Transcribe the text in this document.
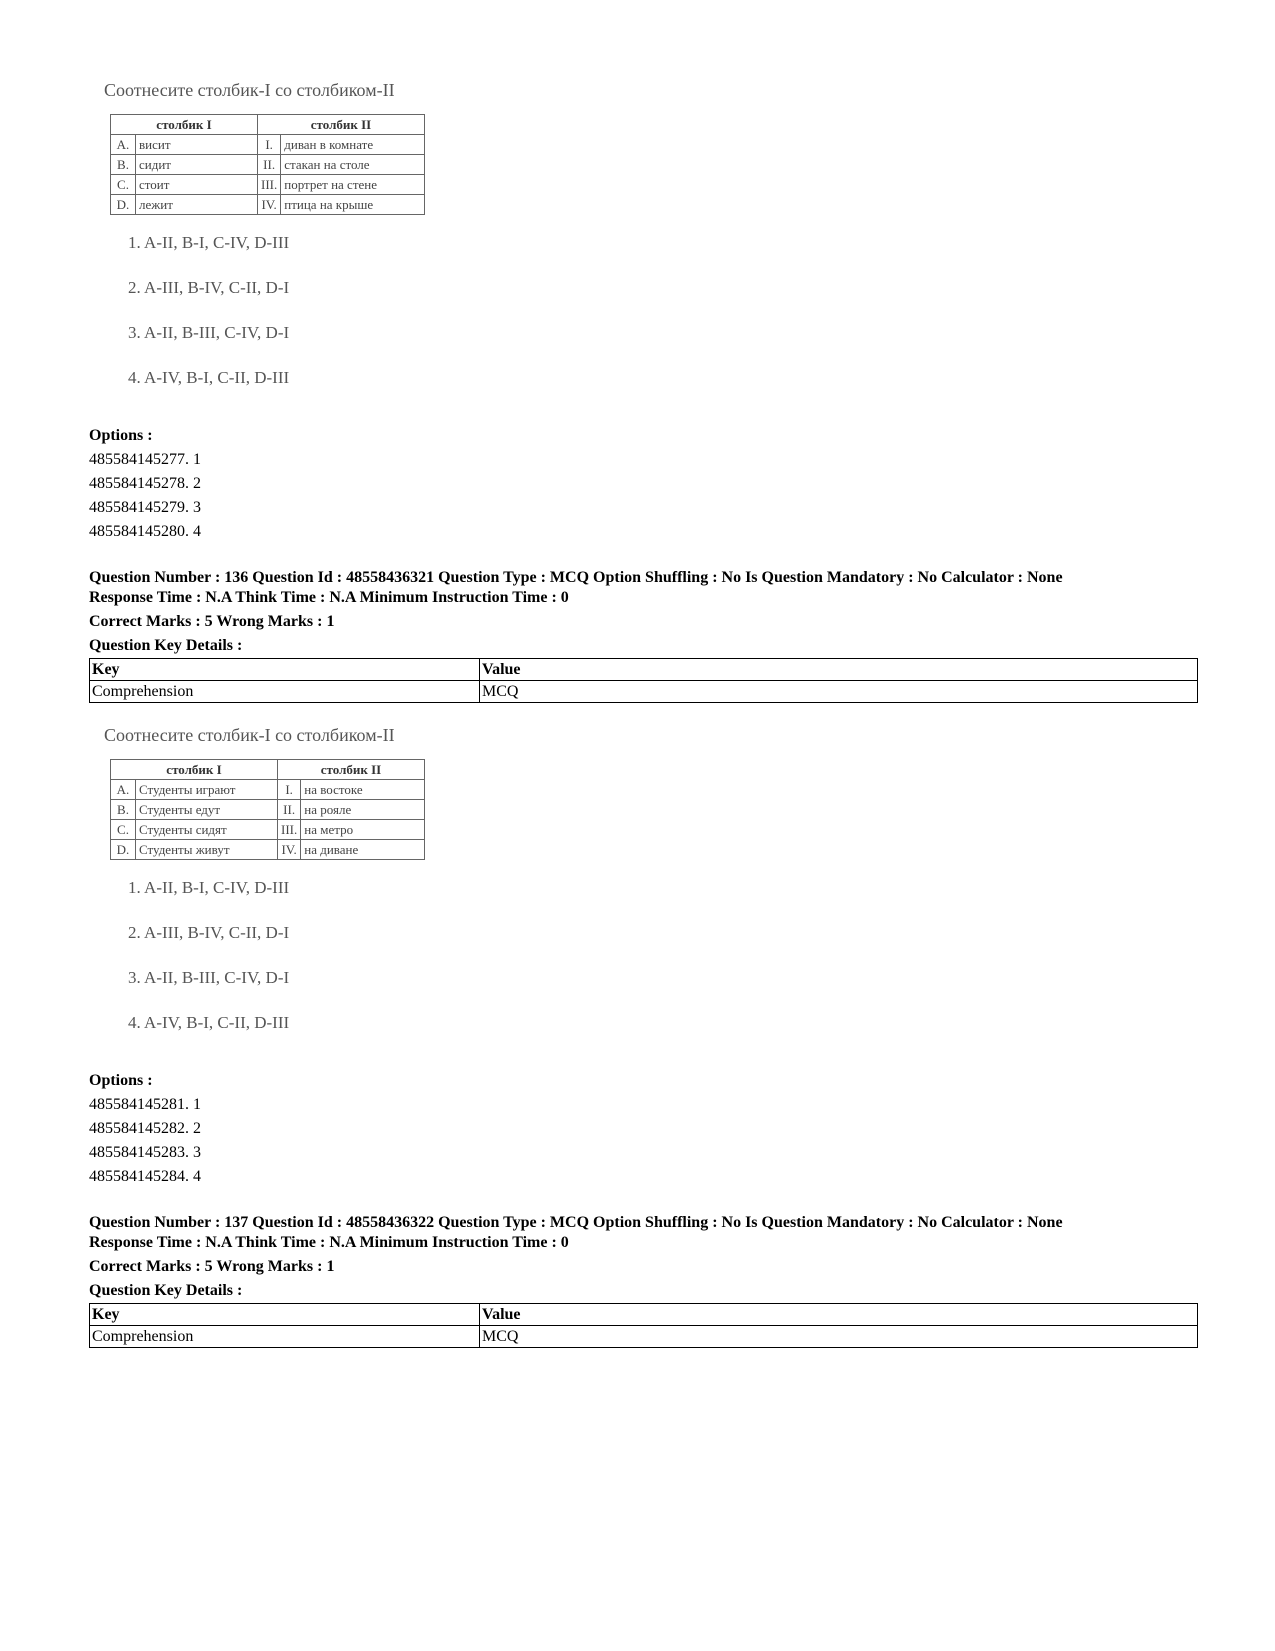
Соотнесите столбик-I со столбиком-II
столбик I		столбик II	
A.	висит	I.	диван в комнате
B.	сидит	II.	стакан на столе
C.	стоит	III.	портрет на стене
D.	лежит	IV.	птица на крыше
1. A-II, B-I, C-IV, D-III
2. A-III, B-IV, C-II, D-I
3. A-II, B-III, C-IV, D-I
4. A-IV, B-I, C-II, D-III
Options :
485584145277. 1
485584145278. 2
485584145279. 3
485584145280. 4
Question Number : 136 Question Id : 48558436321 Question Type : MCQ Option Shuffling : No Is Question Mandatory : No Calculator : None
Response Time : N.A Think Time : N.A Minimum Instruction Time : 0
Correct Marks : 5 Wrong Marks : 1
Question Key Details :
Key	Value
Comprehension	MCQ
Соотнесите столбик-I со столбиком-II
столбик I		столбик II	
A.	Студенты играют	I.	на востоке
B.	Студенты едут	II.	на рояле
C.	Студенты сидят	III.	на метро
D.	Студенты живут	IV.	на диване
1. A-II, B-I, C-IV, D-III
2. A-III, B-IV, C-II, D-I
3. A-II, B-III, C-IV, D-I
4. A-IV, B-I, C-II, D-III
Options :
485584145281. 1
485584145282. 2
485584145283. 3
485584145284. 4
Question Number : 137 Question Id : 48558436322 Question Type : MCQ Option Shuffling : No Is Question Mandatory : No Calculator : None
Response Time : N.A Think Time : N.A Minimum Instruction Time : 0
Correct Marks : 5 Wrong Marks : 1
Question Key Details :
Key	Value
Comprehension	MCQ
